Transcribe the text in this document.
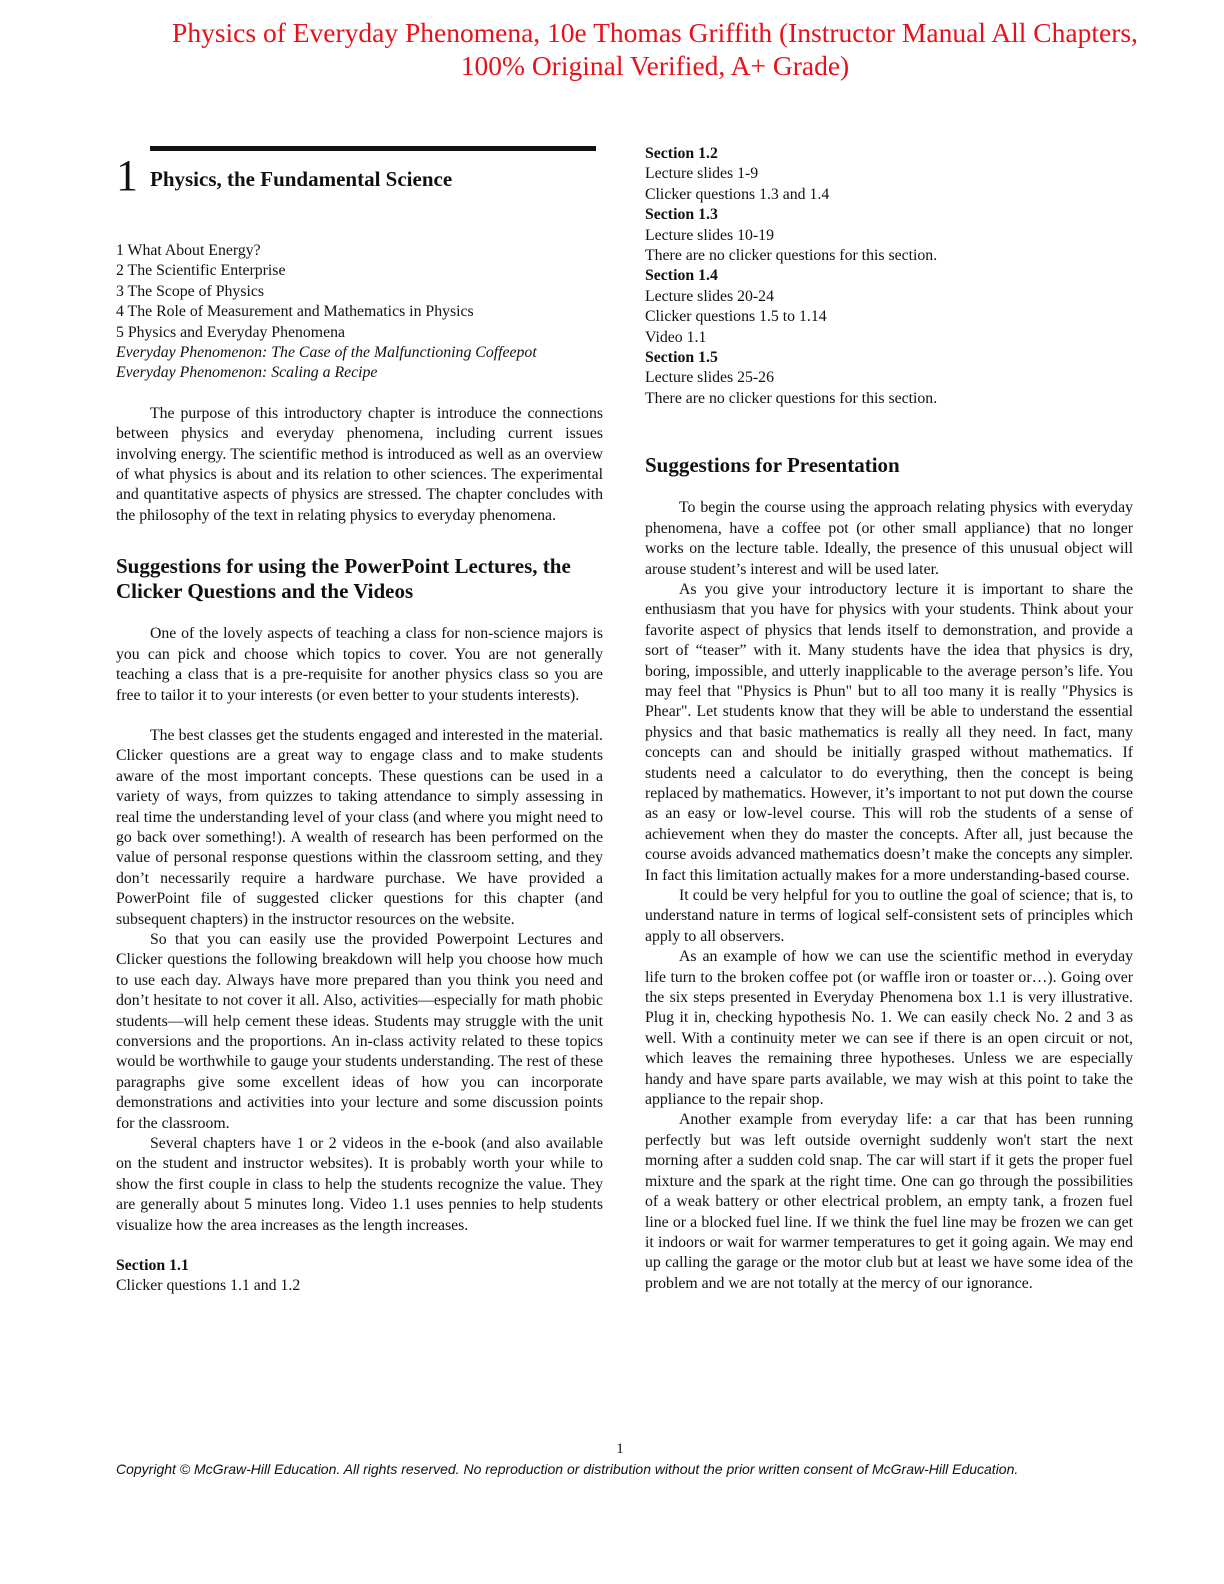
Physics of Everyday Phenomena, 10e Thomas Griffith (Instructor Manual All Chapters,
100% Original Verified, A+ Grade)
1 Physics, the Fundamental Science
1 What About Energy?
2 The Scientific Enterprise
3 The Scope of Physics
4 The Role of Measurement and Mathematics in Physics
5 Physics and Everyday Phenomena
Everyday Phenomenon: The Case of the Malfunctioning Coffeepot
Everyday Phenomenon: Scaling a Recipe

The purpose of this introductory chapter is introduce the connections between physics and everyday phenomena, including current issues involving energy. The scientific method is introduced as well as an overview of what physics is about and its relation to other sciences. The experimental and quantitative aspects of physics are stressed. The chapter concludes with the philosophy of the text in relating physics to everyday phenomena.

Suggestions for using the PowerPoint Lectures, the Clicker Questions and the Videos

One of the lovely aspects of teaching a class for non-science majors is you can pick and choose which topics to cover. You are not generally teaching a class that is a pre-requisite for another physics class so you are free to tailor it to your interests (or even better to your students interests).

The best classes get the students engaged and interested in the material. Clicker questions are a great way to engage class and to make students aware of the most important concepts. These questions can be used in a variety of ways, from quizzes to taking attendance to simply assessing in real time the understanding level of your class (and where you might need to go back over something!). A wealth of research has been performed on the value of personal response questions within the classroom setting, and they don’t necessarily require a hardware purchase. We have provided a PowerPoint file of suggested clicker questions for this chapter (and subsequent chapters) in the instructor resources on the website.

So that you can easily use the provided Powerpoint Lectures and Clicker questions the following breakdown will help you choose how much to use each day. Always have more prepared than you think you need and don’t hesitate to not cover it all. Also, activities—especially for math phobic students—will help cement these ideas. Students may struggle with the unit conversions and the proportions. An in-class activity related to these topics would be worthwhile to gauge your students understanding. The rest of these paragraphs give some excellent ideas of how you can incorporate demonstrations and activities into your lecture and some discussion points for the classroom.

Several chapters have 1 or 2 videos in the e-book (and also available on the student and instructor websites). It is probably worth your while to show the first couple in class to help the students recognize the value. They are generally about 5 minutes long. Video 1.1 uses pennies to help students visualize how the area increases as the length increases.

Section 1.1
Clicker questions 1.1 and 1.2
Section 1.2
Lecture slides 1-9
Clicker questions 1.3 and 1.4
Section 1.3
Lecture slides 10-19
There are no clicker questions for this section.
Section 1.4
Lecture slides 20-24
Clicker questions 1.5 to 1.14
Video 1.1
Section 1.5
Lecture slides 25-26
There are no clicker questions for this section.
Suggestions for Presentation

To begin the course using the approach relating physics with everyday phenomena, have a coffee pot (or other small appliance) that no longer works on the lecture table. Ideally, the presence of this unusual object will arouse student’s interest and will be used later.

As you give your introductory lecture it is important to share the enthusiasm that you have for physics with your students. Think about your favorite aspect of physics that lends itself to demonstration, and provide a sort of “teaser” with it. Many students have the idea that physics is dry, boring, impossible, and utterly inapplicable to the average person’s life. You may feel that "Physics is Phun" but to all too many it is really "Physics is Phear". Let students know that they will be able to understand the essential physics and that basic mathematics is really all they need. In fact, many concepts can and should be initially grasped without mathematics. If students need a calculator to do everything, then the concept is being replaced by mathematics. However, it’s important to not put down the course as an easy or low-level course. This will rob the students of a sense of achievement when they do master the concepts. After all, just because the course avoids advanced mathematics doesn’t make the concepts any simpler. In fact this limitation actually makes for a more understanding-based course.

It could be very helpful for you to outline the goal of science; that is, to understand nature in terms of logical self-consistent sets of principles which apply to all observers.

As an example of how we can use the scientific method in everyday life turn to the broken coffee pot (or waffle iron or toaster or…). Going over the six steps presented in Everyday Phenomena box 1.1 is very illustrative. Plug it in, checking hypothesis No. 1. We can easily check No. 2 and 3 as well. With a continuity meter we can see if there is an open circuit or not, which leaves the remaining three hypotheses. Unless we are especially handy and have spare parts available, we may wish at this point to take the appliance to the repair shop.

Another example from everyday life: a car that has been running perfectly but was left outside overnight suddenly won't start the next morning after a sudden cold snap. The car will start if it gets the proper fuel mixture and the spark at the right time. One can go through the possibilities of a weak battery or other electrical problem, an empty tank, a frozen fuel line or a blocked fuel line. If we think the fuel line may be frozen we can get it indoors or wait for warmer temperatures to get it going again. We may end up calling the garage or the motor club but at least we have some idea of the problem and we are not totally at the mercy of our ignorance.

1
Copyright © McGraw-Hill Education. All rights reserved. No reproduction or distribution without the prior written consent of McGraw-Hill Education.
